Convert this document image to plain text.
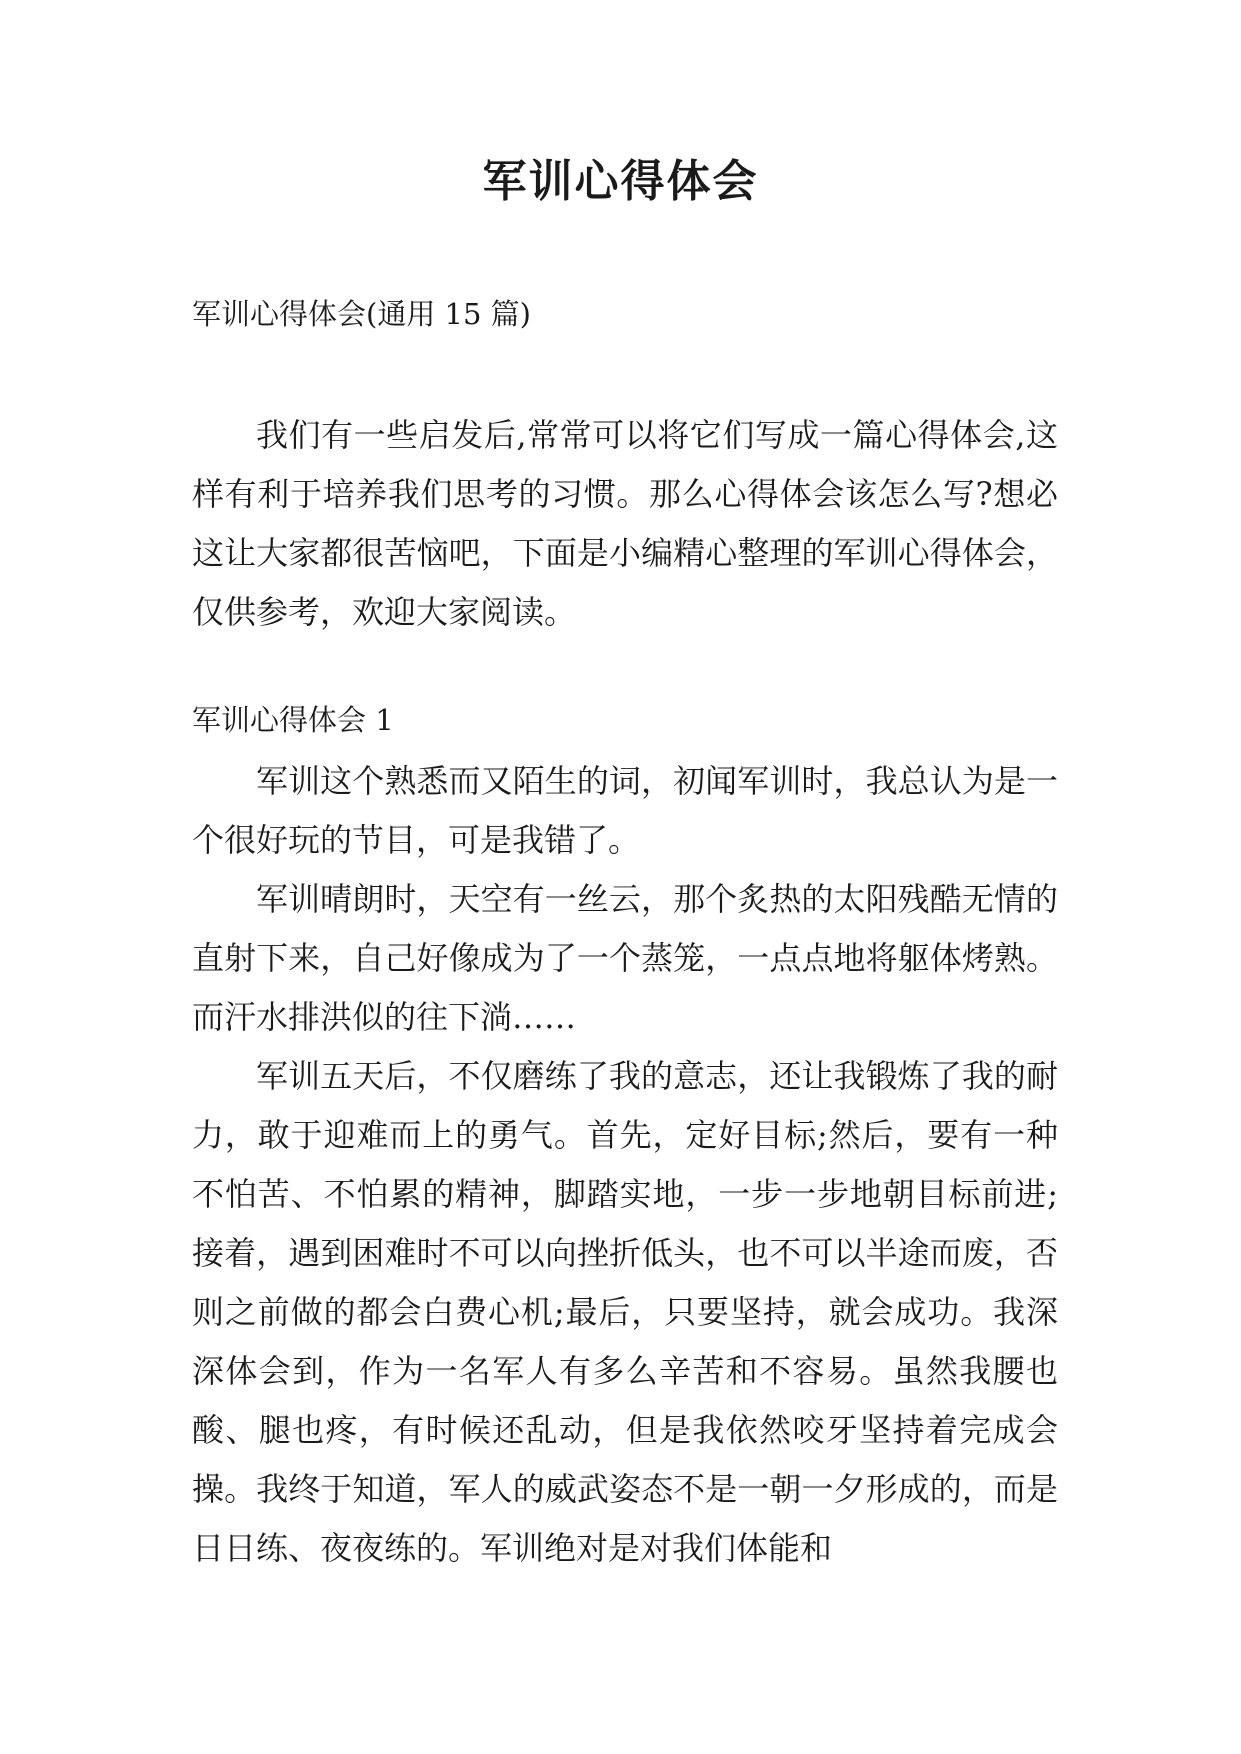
军训心得体会
军训心得体会(通用 15 篇)

我们有一些启发后,常常可以将它们写成一篇心得体会,这样有利于培养我们思考的习惯。那么心得体会该怎么写?想必这让大家都很苦恼吧，下面是小编精心整理的军训心得体会，仅供参考，欢迎大家阅读。

军训心得体会 1

军训这个熟悉而又陌生的词，初闻军训时，我总认为是一个很好玩的节目，可是我错了。

军训晴朗时，天空有一丝云，那个炙热的太阳残酷无情的直射下来，自己好像成为了一个蒸笼，一点点地将躯体烤熟。而汗水排洪似的往下淌……

军训五天后，不仅磨练了我的意志，还让我锻炼了我的耐力，敢于迎难而上的勇气。首先，定好目标;然后，要有一种不怕苦、不怕累的精神，脚踏实地，一步一步地朝目标前进;接着，遇到困难时不可以向挫折低头，也不可以半途而废，否则之前做的都会白费心机;最后，只要坚持，就会成功。我深深体会到，作为一名军人有多么辛苦和不容易。虽然我腰也酸、腿也疼，有时候还乱动，但是我依然咬牙坚持着完成会操。我终于知道，军人的威武姿态不是一朝一夕形成的，而是日日练、夜夜练的。军训绝对是对我们体能和
